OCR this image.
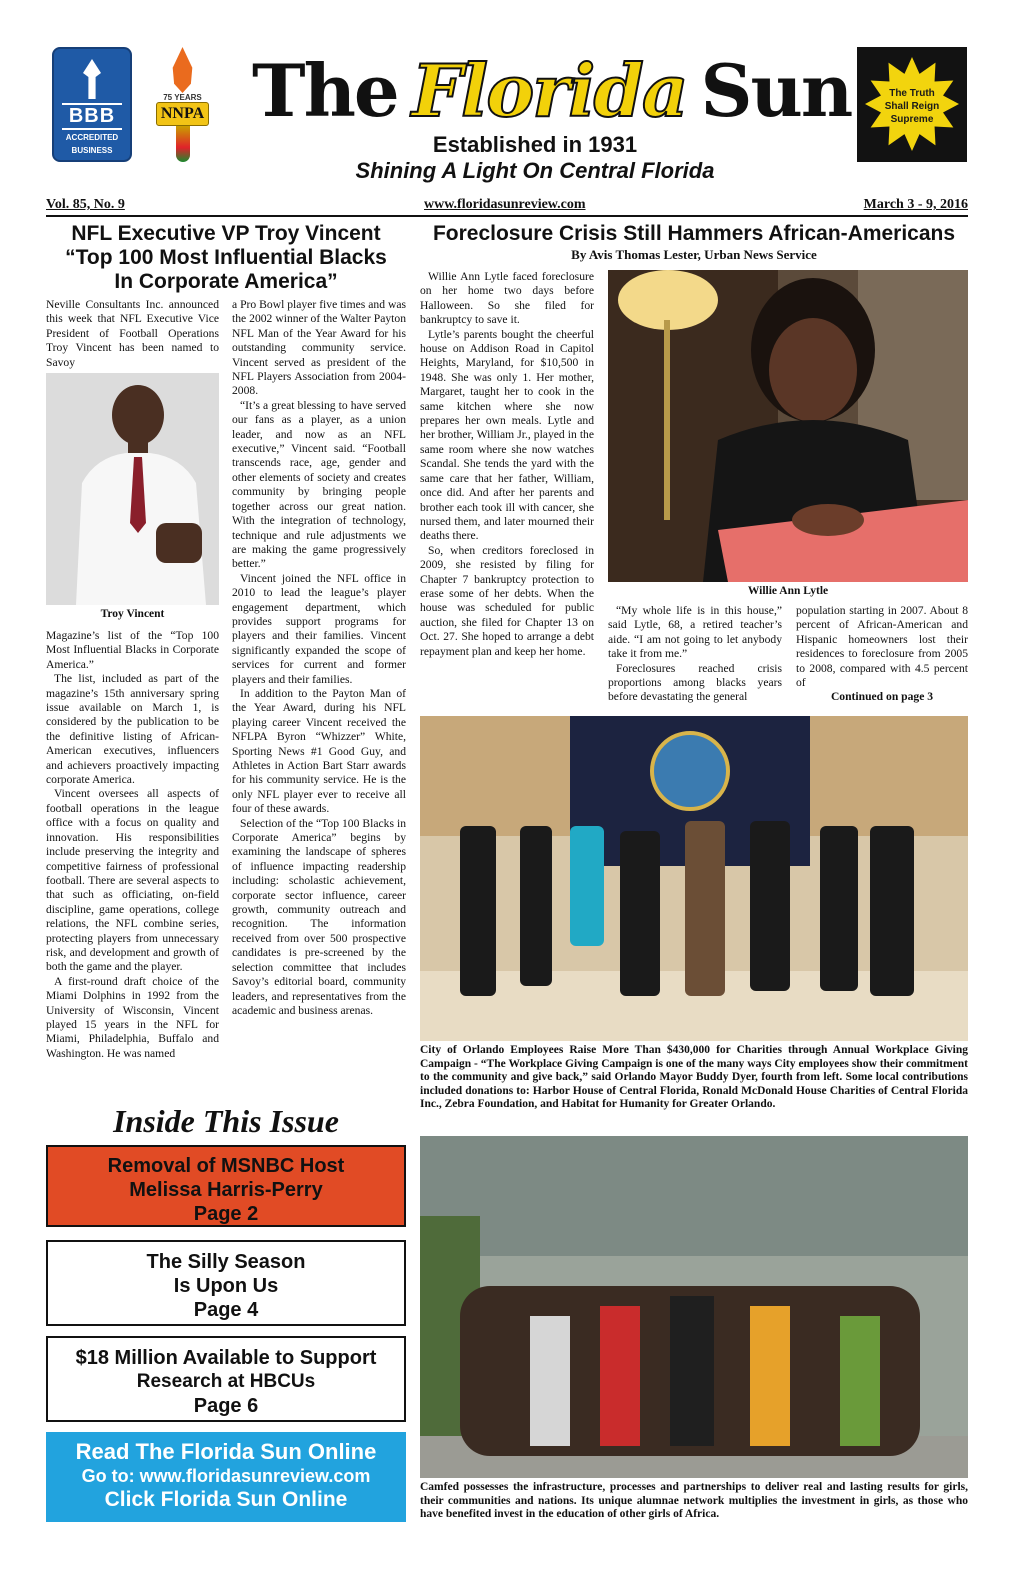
BBB
ACCREDITED
BUSINESS
75 YEARS
NNPA The Florida Sun
Established in 1931
Shining A Light On Central Florida
The Truth
Shall Reign
Supreme
Vol. 85, No. 9	www.floridasunreview.com	March 3 - 9, 2016
NFL Executive VP Troy Vincent
“Top 100 Most Influential Blacks
In Corporate America”
Neville Consultants Inc. announced this week that NFL Executive Vice President of Football Operations Troy Vincent has been named to Savoy
Troy Vincent

Magazine’s list of the “Top 100 Most Influential Blacks in Corporate America.”

The list, included as part of the magazine’s 15th anniversary spring issue available on March 1, is considered by the publication to be the definitive listing of African-American executives, influencers and achievers proactively impacting corporate America.

Vincent oversees all aspects of football operations in the league office with a focus on quality and innovation. His responsibilities include preserving the integrity and competitive fairness of professional football. There are several aspects to that such as officiating, on-field discipline, game operations, college relations, the NFL combine series, protecting players from unnecessary risk, and development and growth of both the game and the player.

A first-round draft choice of the Miami Dolphins in 1992 from the University of Wisconsin, Vincent played 15 years in the NFL for Miami, Philadelphia, Buffalo and Washington. He was named

a Pro Bowl player five times and was the 2002 winner of the Walter Payton NFL Man of the Year Award for his outstanding community service. Vincent served as president of the NFL Players Association from 2004-2008.

“It’s a great blessing to have served our fans as a player, as a union leader, and now as an NFL executive,” Vincent said. “Football transcends race, age, gender and other elements of society and creates community by bringing people together across our great nation. With the integration of technology, technique and rule adjustments we are making the game progressively better.”

Vincent joined the NFL office in 2010 to lead the league’s player engagement department, which provides support programs for players and their families. Vincent significantly expanded the scope of services for current and former players and their families.

In addition to the Payton Man of the Year Award, during his NFL playing career Vincent received the NFLPA Byron “Whizzer” White, Sporting News #1 Good Guy, and Athletes in Action Bart Starr awards for his community service. He is the only NFL player ever to receive all four of these awards.

Selection of the “Top 100 Blacks in Corporate America” begins by examining the landscape of spheres of influence impacting readership including: scholastic achievement, corporate sector influence, career growth, community outreach and recognition. The information received from over 500 prospective candidates is pre-screened by the selection committee that includes Savoy’s editorial board, community leaders, and representatives from the academic and business arenas.

Foreclosure Crisis Still Hammers African-Americans
By Avis Thomas Lester, Urban News Service

Willie Ann Lytle faced foreclosure on her home two days before Halloween. So she filed for bankruptcy to save it.

Lytle’s parents bought the cheerful house on Addison Road in Capitol Heights, Maryland, for $10,500 in 1948. She was only 1. Her mother, Margaret, taught her to cook in the same kitchen where she now prepares her own meals. Lytle and her brother, William Jr., played in the same room where she now watches Scandal. She tends the yard with the same care that her father, William, once did. And after her parents and brother each took ill with cancer, she nursed them, and later mourned their deaths there.

So, when creditors foreclosed in 2009, she resisted by filing for Chapter 7 bankruptcy protection to erase some of her debts. When the house was scheduled for public auction, she filed for Chapter 13 on Oct. 27. She hoped to arrange a debt repayment plan and keep her home.

Willie Ann Lytle

“My whole life is in this house,” said Lytle, 68, a retired teacher’s aide. “I am not going to let anybody take it from me.”

Foreclosures reached crisis proportions among blacks years before devastating the general

population starting in 2007. About 8 percent of African-American and Hispanic homeowners lost their residences to foreclosure from 2005 to 2008, compared with 4.5 percent of

Continued on page 3

City of Orlando Employees Raise More Than $430,000 for Charities through Annual Workplace Giving Campaign - “The Workplace Giving Campaign is one of the many ways City employees show their commitment to the community and give back,” said Orlando Mayor Buddy Dyer, fourth from left. Some local contributions included donations to: Harbor House of Central Florida, Ronald McDonald House Charities of Central Florida Inc., Zebra Foundation, and Habitat for Humanity for Greater Orlando.
Camfed possesses the infrastructure, processes and partnerships to deliver real and lasting results for girls, their communities and nations. Its unique alumnae network multiplies the investment in girls, as those who have benefited invest in the education of other girls of Africa.
Inside This Issue
Removal of MSNBC Host
Melissa Harris-Perry
Page 2
The Silly Season
Is Upon Us
Page 4
$18 Million Available to Support
Research at HBCUs
Page 6
Read The Florida Sun Online
Go to: www.floridasunreview.com
Click Florida Sun Online
